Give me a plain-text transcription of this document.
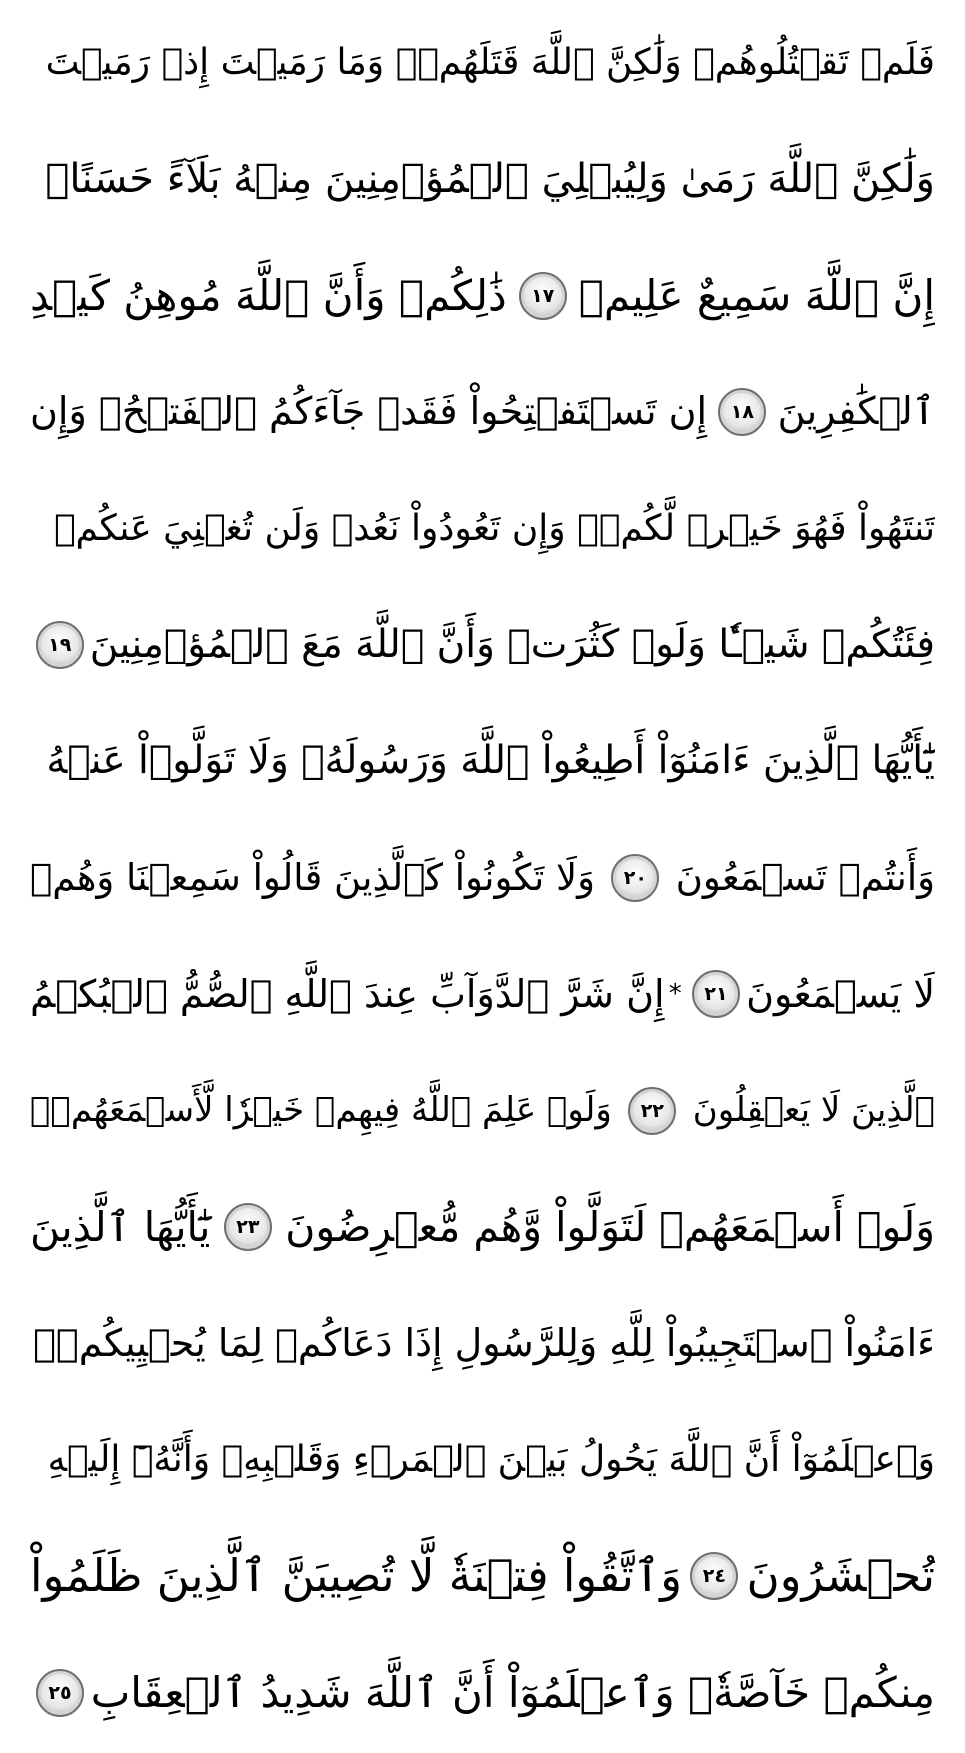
فَلَمۡ تَقۡتُلُوهُمۡ وَلَٰكِنَّ ٱللَّهَ قَتَلَهُمۡۚ وَمَا رَمَيۡتَ إِذۡ رَمَيۡتَ
وَلَٰكِنَّ ٱللَّهَ رَمَىٰ وَلِيُبۡلِيَ ٱلۡمُؤۡمِنِينَ مِنۡهُ بَلَآءً حَسَنًاۚ
إِنَّ ٱللَّهَ سَمِيعٌ عَلِيمٞ
١٧
ذَٰلِكُمۡ وَأَنَّ ٱللَّهَ مُوهِنُ كَيۡدِ
ٱلۡكَٰفِرِينَ
١٨
إِن تَسۡتَفۡتِحُواْ فَقَدۡ جَآءَكُمُ ٱلۡفَتۡحُۖ وَإِن
تَنتَهُواْ فَهُوَ خَيۡرٞ لَّكُمۡۖ وَإِن تَعُودُواْ نَعُدۡ وَلَن تُغۡنِيَ عَنكُمۡ
فِئَتُكُمۡ شَيۡـٔٗا وَلَوۡ كَثُرَتۡ وَأَنَّ ٱللَّهَ مَعَ ٱلۡمُؤۡمِنِينَ
١٩
يَٰٓأَيُّهَا ٱلَّذِينَ ءَامَنُوٓاْ أَطِيعُواْ ٱللَّهَ وَرَسُولَهُۥ وَلَا تَوَلَّوۡاْ عَنۡهُ
وَأَنتُمۡ تَسۡمَعُونَ
٢٠
وَلَا تَكُونُواْ كَٱلَّذِينَ قَالُواْ سَمِعۡنَا وَهُمۡ
لَا يَسۡمَعُونَ
٢١
*
إِنَّ شَرَّ ٱلدَّوَآبِّ عِندَ ٱللَّهِ ٱلصُّمُّ ٱلۡبُكۡمُ
ٱلَّذِينَ لَا يَعۡقِلُونَ
٢٢
وَلَوۡ عَلِمَ ٱللَّهُ فِيهِمۡ خَيۡرٗا لَّأَسۡمَعَهُمۡۖ
وَلَوۡ أَسۡمَعَهُمۡ لَتَوَلَّواْ وَّهُم مُّعۡرِضُونَ
٢٣
يَٰٓأَيُّهَا ٱلَّذِينَ
ءَامَنُواْ ٱسۡتَجِيبُواْ لِلَّهِ وَلِلرَّسُولِ إِذَا دَعَاكُمۡ لِمَا يُحۡيِيكُمۡۖ
وَٱعۡلَمُوٓاْ أَنَّ ٱللَّهَ يَحُولُ بَيۡنَ ٱلۡمَرۡءِ وَقَلۡبِهِۦ وَأَنَّهُۥٓ إِلَيۡهِ
تُحۡشَرُونَ
٢٤
وَٱتَّقُواْ فِتۡنَةٗ لَّا تُصِيبَنَّ ٱلَّذِينَ ظَلَمُواْ
مِنكُمۡ خَآصَّةٗۖ وَٱعۡلَمُوٓاْ أَنَّ ٱللَّهَ شَدِيدُ ٱلۡعِقَابِ
٢٥
